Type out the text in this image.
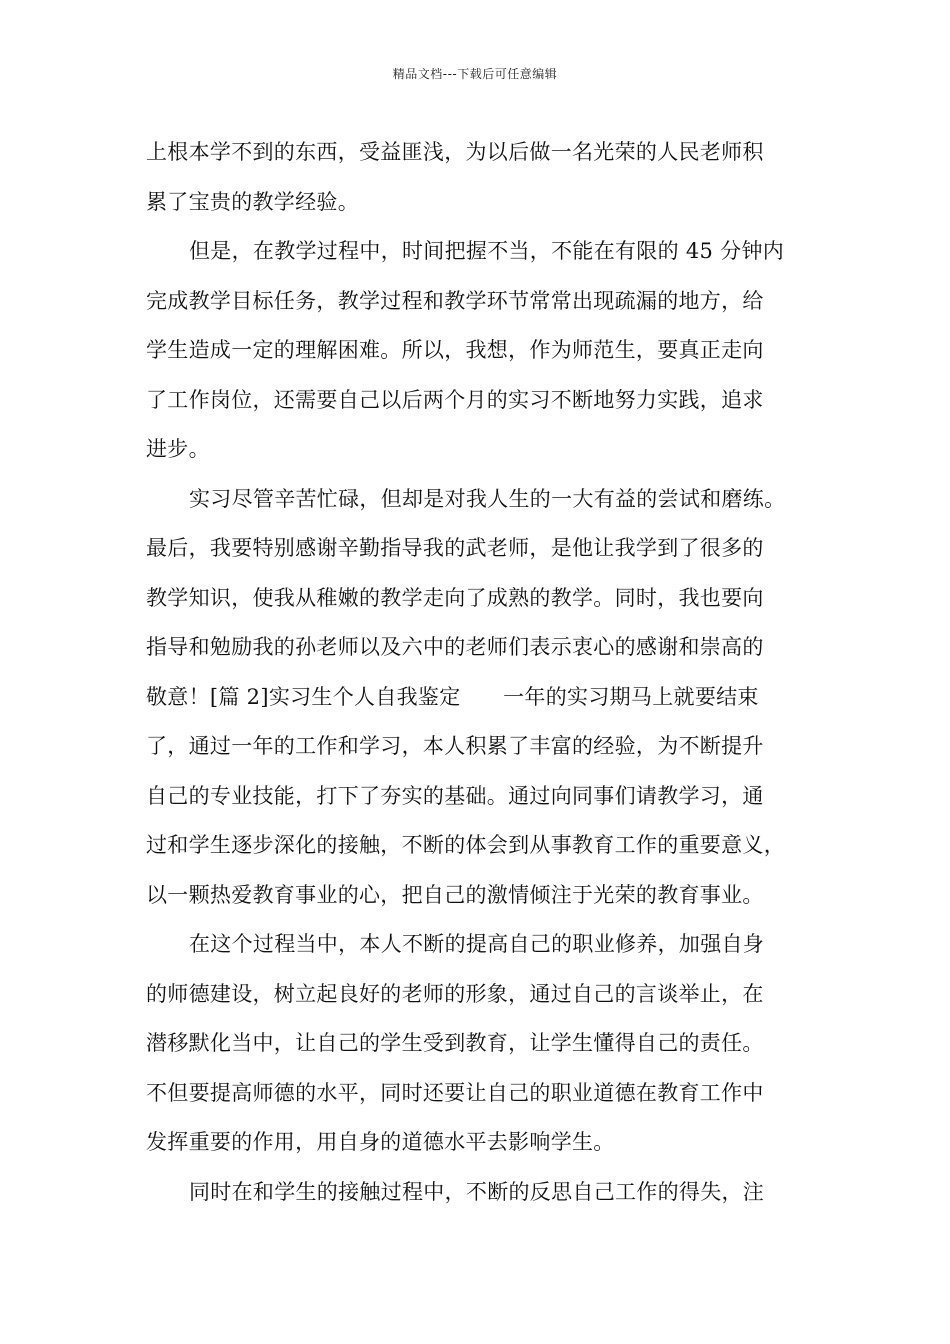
精品文档---下载后可任意编辑
上根本学不到的东西，受益匪浅，为以后做一名光荣的人民老师积
累了宝贵的教学经验。
但是，在教学过程中，时间把握不当，不能在有限的 45 分钟内
完成教学目标任务，教学过程和教学环节常常出现疏漏的地方，给
学生造成一定的理解困难。所以，我想，作为师范生，要真正走向
了工作岗位，还需要自己以后两个月的实习不断地努力实践，追求
进步。
实习尽管辛苦忙碌，但却是对我人生的一大有益的尝试和磨练。
最后，我要特别感谢辛勤指导我的武老师，是他让我学到了很多的
教学知识，使我从稚嫩的教学走向了成熟的教学。同时，我也要向
指导和勉励我的孙老师以及六中的老师们表示衷心的感谢和崇高的
敬意！[篇 2]实习生个人自我鉴定　　一年的实习期马上就要结束
了，通过一年的工作和学习，本人积累了丰富的经验，为不断提升
自己的专业技能，打下了夯实的基础。通过向同事们请教学习，通
过和学生逐步深化的接触，不断的体会到从事教育工作的重要意义，
以一颗热爱教育事业的心，把自己的激情倾注于光荣的教育事业。
在这个过程当中，本人不断的提高自己的职业修养，加强自身
的师德建设，树立起良好的老师的形象，通过自己的言谈举止，在
潜移默化当中，让自己的学生受到教育，让学生懂得自己的责任。
不但要提高师德的水平，同时还要让自己的职业道德在教育工作中
发挥重要的作用，用自身的道德水平去影响学生。
同时在和学生的接触过程中，不断的反思自己工作的得失，注
